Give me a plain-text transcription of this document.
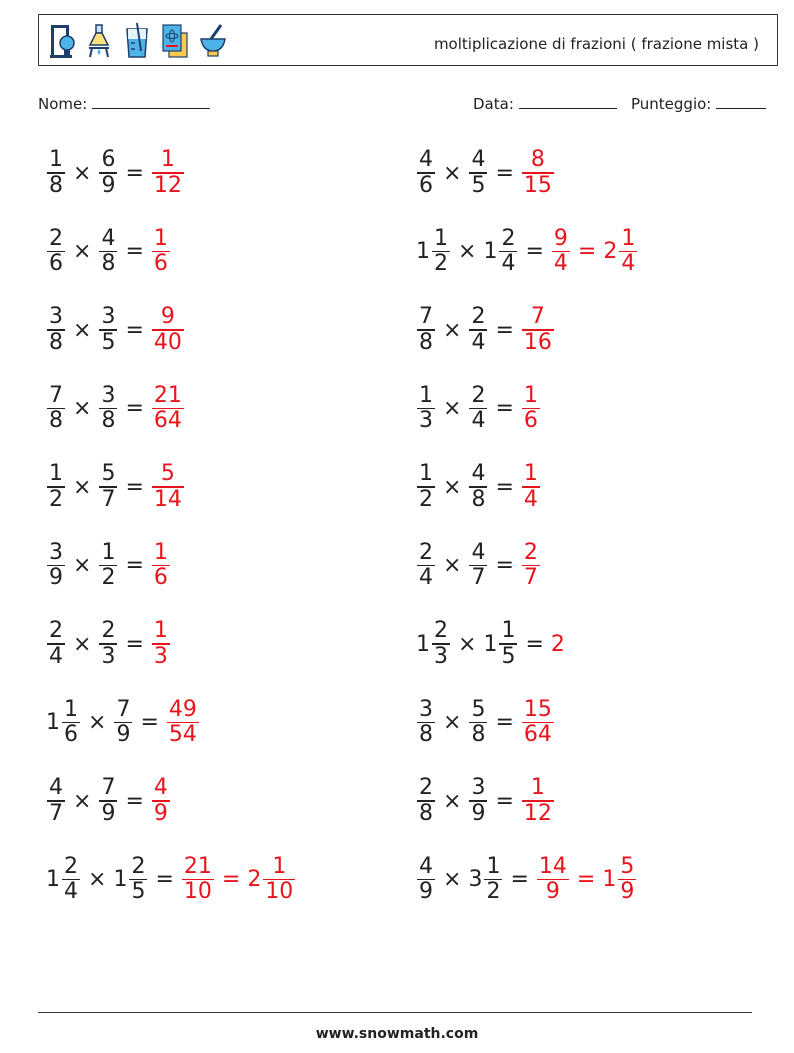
moltiplicazione di frazioni ( frazione mista )
Nome:	Data:	Punteggio:
$\frac{1}{8} \times \frac{6}{9} = \frac{1}{12}$	$\frac{4}{6} \times \frac{4}{5} = \frac{8}{15}$
$\frac{2}{6} \times \frac{4}{8} = \frac{1}{6}$	$1 \frac{1}{2} \times 1 \frac{2}{4} = \frac{9}{4} = 2 \frac{1}{4}$
$\frac{3}{8} \times \frac{3}{5} = \frac{9}{40}$	$\frac{7}{8} \times \frac{2}{4} = \frac{7}{16}$
$\frac{7}{8} \times \frac{3}{8} = \frac{21}{64}$	$\frac{1}{3} \times \frac{2}{4} = \frac{1}{6}$
$\frac{1}{2} \times \frac{5}{7} = \frac{5}{14}$	$\frac{1}{2} \times \frac{4}{8} = \frac{1}{4}$
$\frac{3}{9} \times \frac{1}{2} = \frac{1}{6}$	$\frac{2}{4} \times \frac{4}{7} = \frac{2}{7}$
$\frac{2}{4} \times \frac{2}{3} = \frac{1}{3}$	$1 \frac{2}{3} \times 1 \frac{1}{5} = 2$
$1 \frac{1}{6} \times \frac{7}{9} = \frac{49}{54}$	$\frac{3}{8} \times \frac{5}{8} = \frac{15}{64}$
$\frac{4}{7} \times \frac{7}{9} = \frac{4}{9}$	$\frac{2}{8} \times \frac{3}{9} = \frac{1}{12}$
$1 \frac{2}{4} \times 1 \frac{2}{5} = \frac{21}{10} = 2 \frac{1}{10}$	$\frac{4}{9} \times 3 \frac{1}{2} = \frac{14}{9} = 1 \frac{5}{9}$
www.snowmath.com
